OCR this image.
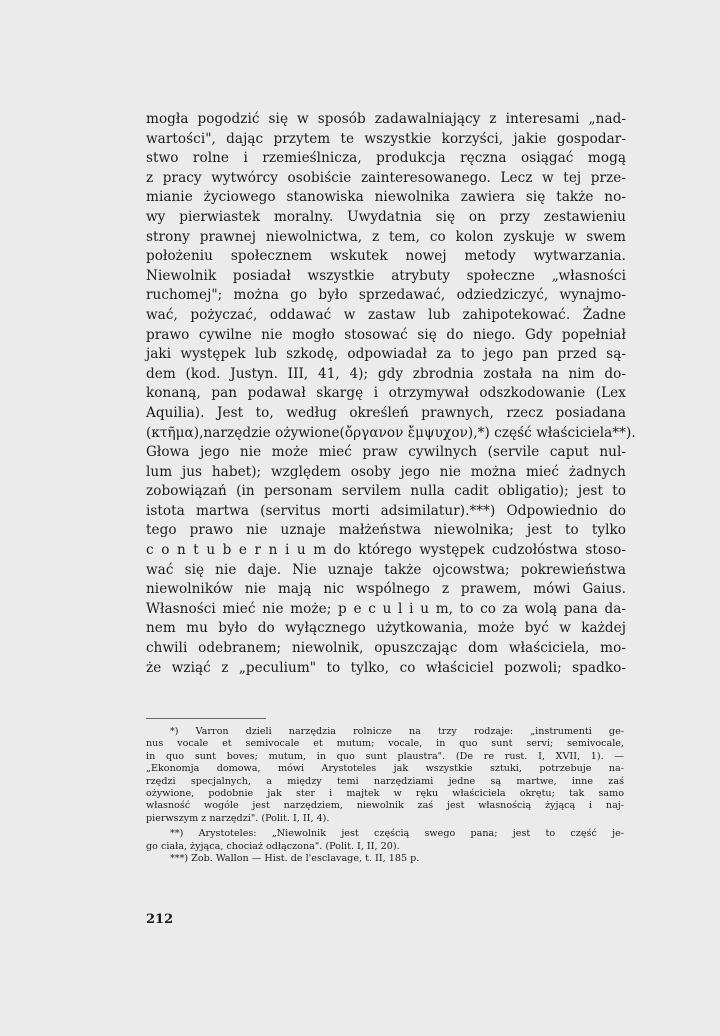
mogła pogodzić się w sposób zadawalniający z interesami „nad-
wartości", dając przytem te wszystkie korzyści, jakie gospodar-
stwo rolne i rzemieślnicza, produkcja ręczna osiągać mogą
z pracy wytwórcy osobiście zainteresowanego. Lecz w tej prze-
mianie życiowego stanowiska niewolnika zawiera się także no-
wy pierwiastek moralny. Uwydatnia się on przy zestawieniu
strony prawnej niewolnictwa, z tem, co kolon zyskuje w swem
położeniu społecznem wskutek nowej metody wytwarzania.
Niewolnik posiadał wszystkie atrybuty społeczne „własności
ruchomej"; można go było sprzedawać, odziedziczyć, wynajmo-
wać, pożyczać, oddawać w zastaw lub zahipotekować. Żadne
prawo cywilne nie mogło stosować się do niego. Gdy popełniał
jaki występek lub szkodę, odpowiadał za to jego pan przed są-
dem (kod. Justyn. III, 41, 4); gdy zbrodnia została na nim do-
konaną, pan podawał skargę i otrzymywał odszkodowanie (Lex
Aquilia). Jest to, według określeń prawnych, rzecz posiadana
(κτῆμα),narzędzie ożywione(ὄργανον ἔμψυχον),*) część właściciela**).
Głowa jego nie może mieć praw cywilnych (servile caput nul-
lum jus habet); względem osoby jego nie można mieć żadnych
zobowiązań (in personam servilem nulla cadit obligatio); jest to
istota martwa (servitus morti adsimilatur).***) Odpowiednio do
tego prawo nie uznaje małżeństwa niewolnika; jest to tylko
c o n t u b e r n i u m do którego występek cudzołóstwa stoso-
wać się nie daje. Nie uznaje także ojcowstwa; pokrewieństwa
niewolników nie mają nic wspólnego z prawem, mówi Gaius.
Własności mieć nie może; p e c u l i u m, to co za wolą pana da-
nem mu było do wyłącznego użytkowania, może być w każdej
chwili odebranem; niewolnik, opuszczając dom właściciela, mo-
że wziąć z „peculium" to tylko, co właściciel pozwoli; spadko-
*) Varron dzieli narzędzia rolnicze na trzy rodzaje: „instrumenti ge-
nus vocale et semivocale et mutum; vocale, in quo sunt servi; semivocale,
in quo sunt boves; mutum, in quo sunt plaustra". (De re rust. I, XVII, 1). —
„Ekonomja domowa, mówi Arystoteles jak wszystkie sztuki, potrzebuje na-
rzędzi specjalnych, a między temi narzędziami jedne są martwe, inne zaś
ożywione, podobnie jak ster i majtek w ręku właściciela okrętu; tak samo
własność wogóle jest narzędziem, niewolnik zaś jest własnością żyjącą i naj-
pierwszym z narzędzi". (Polit. I, II, 4).
**) Arystoteles: „Niewolnik jest częścią swego pana; jest to część je-
go ciała, żyjąca, chociaż odłączona". (Polit. I, II, 20).
***) Zob. Wallon — Hist. de l'esclavage, t. II, 185 p.
212
